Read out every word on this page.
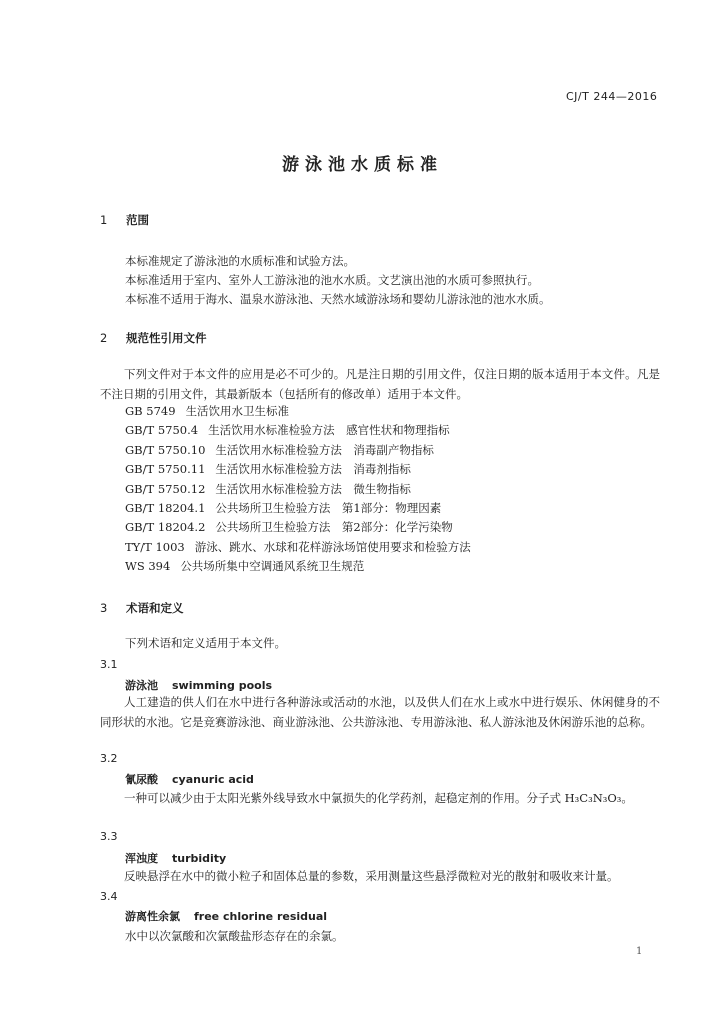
CJ/T 244—2016
游泳池水质标准
1 范围
本标准规定了游泳池的水质标准和试验方法。
本标准适用于室内、室外人工游泳池的池水水质。文艺演出池的水质可参照执行。
本标准不适用于海水、温泉水游泳池、天然水域游泳场和婴幼儿游泳池的池水水质。
2 规范性引用文件
下列文件对于本文件的应用是必不可少的。凡是注日期的引用文件，仅注日期的版本适用于本文件。凡是不注日期的引用文件，其最新版本（包括所有的修改单）适用于本文件。
GB 5749 生活饮用水卫生标准
GB/T 5750.4 生活饮用水标准检验方法　感官性状和物理指标
GB/T 5750.10 生活饮用水标准检验方法　消毒副产物指标
GB/T 5750.11 生活饮用水标准检验方法　消毒剂指标
GB/T 5750.12 生活饮用水标准检验方法　微生物指标
GB/T 18204.1 公共场所卫生检验方法　第1部分：物理因素
GB/T 18204.2 公共场所卫生检验方法　第2部分：化学污染物
TY/T 1003 游泳、跳水、水球和花样游泳场馆使用要求和检验方法
WS 394 公共场所集中空调通风系统卫生规范
3 术语和定义
下列术语和定义适用于本文件。
3.1
游泳池 swimming pools
人工建造的供人们在水中进行各种游泳或活动的水池，以及供人们在水上或水中进行娱乐、休闲健身的不同形状的水池。它是竞赛游泳池、商业游泳池、公共游泳池、专用游泳池、私人游泳池及休闲游乐池的总称。
3.2
氰尿酸 cyanuric acid
一种可以减少由于太阳光紫外线导致水中氯损失的化学药剂，起稳定剂的作用。分子式 H₃C₃N₃O₃。
3.3
浑浊度 turbidity
反映悬浮在水中的微小粒子和固体总量的参数，采用测量这些悬浮微粒对光的散射和吸收来计量。
3.4
游离性余氯 free chlorine residual
水中以次氯酸和次氯酸盐形态存在的余氯。
1
